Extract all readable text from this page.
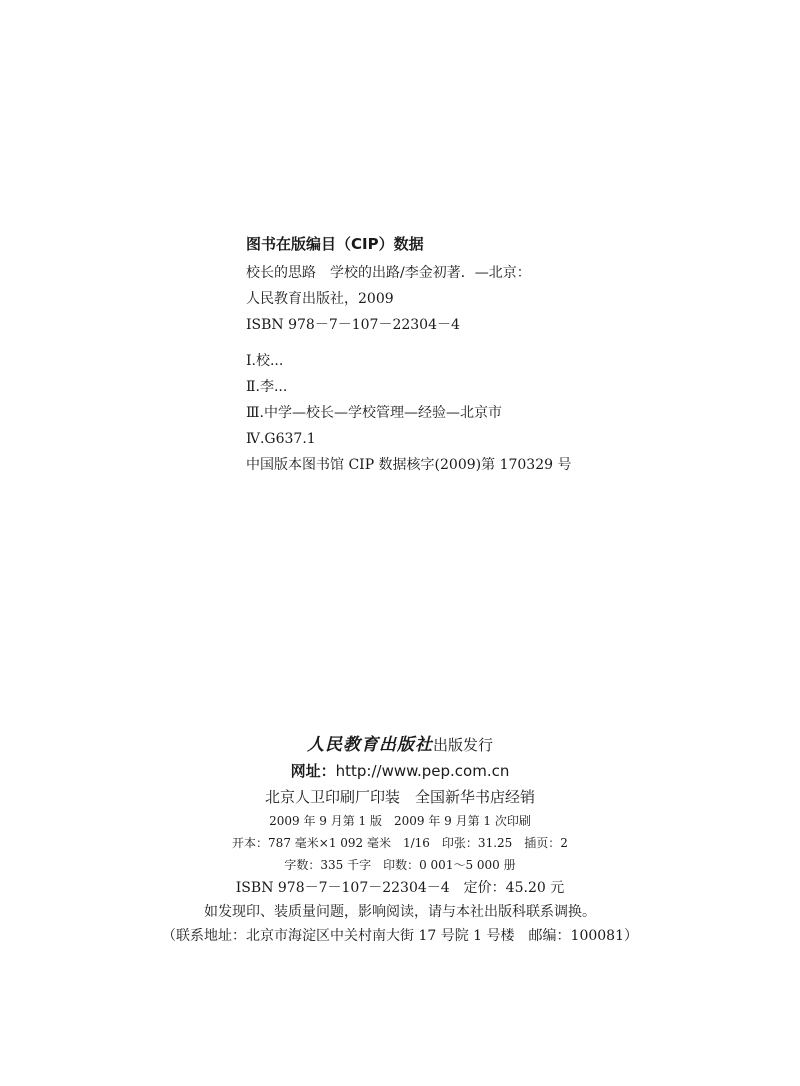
图书在版编目（CIP）数据
校长的思路　学校的出路/李金初著．—北京：
人民教育出版社，2009
ISBN 978－7－107－22304－4
Ⅰ.校...
Ⅱ.李...
Ⅲ.中学—校长—学校管理—经验—北京市
Ⅳ.G637.1
中国版本图书馆 CIP 数据核字(2009)第 170329 号
人民教育出版社出版发行
网址：http://www.pep.com.cn
北京人卫印刷厂印装　全国新华书店经销
2009 年 9 月第 1 版　2009 年 9 月第 1 次印刷
开本：787 毫米×1 092 毫米　1/16　印张：31.25　插页：2
字数：335 千字　印数：0 001～5 000 册
ISBN 978－7－107－22304－4　定价：45.20 元
如发现印、装质量问题，影响阅读，请与本社出版科联系调换。
（联系地址：北京市海淀区中关村南大街 17 号院 1 号楼　邮编：100081）
